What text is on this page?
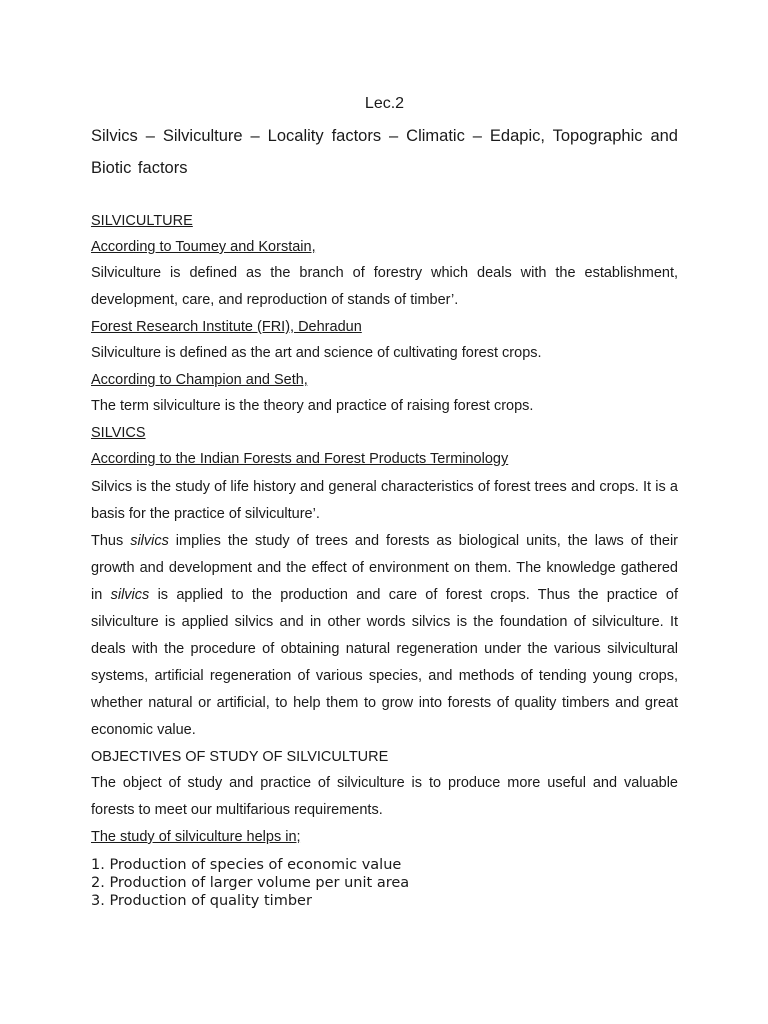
Lec.2

Silvics – Silviculture – Locality factors – Climatic – Edapic, Topographic and Biotic factors

SILVICULTURE

According to Toumey and Korstain,

Silviculture is defined as the branch of forestry which deals with the establishment, development, care, and reproduction of stands of timber’.

Forest Research Institute (FRI), Dehradun

Silviculture is defined as the art and science of cultivating forest crops.

According to Champion and Seth,

The term silviculture is the theory and practice of raising forest crops.

SILVICS

According to the Indian Forests and Forest Products Terminology

Silvics is the study of life history and general characteristics of forest trees and crops. It is a basis for the practice of silviculture’.

Thus silvics implies the study of trees and forests as biological units, the laws of their growth and development and the effect of environment on them. The knowledge gathered in silvics is applied to the production and care of forest crops. Thus the practice of silviculture is applied silvics and in other words silvics is the foundation of silviculture. It deals with the procedure of obtaining natural regeneration under the various silvicultural systems, artificial regeneration of various species, and methods of tending young crops, whether natural or artificial, to help them to grow into forests of quality timbers and great economic value.

OBJECTIVES OF STUDY OF SILVICULTURE

The object of study and practice of silviculture is to produce more useful and valuable forests to meet our multifarious requirements.

The study of silviculture helps in;

1. Production of species of economic value
2. Production of larger volume per unit area
3. Production of quality timber
